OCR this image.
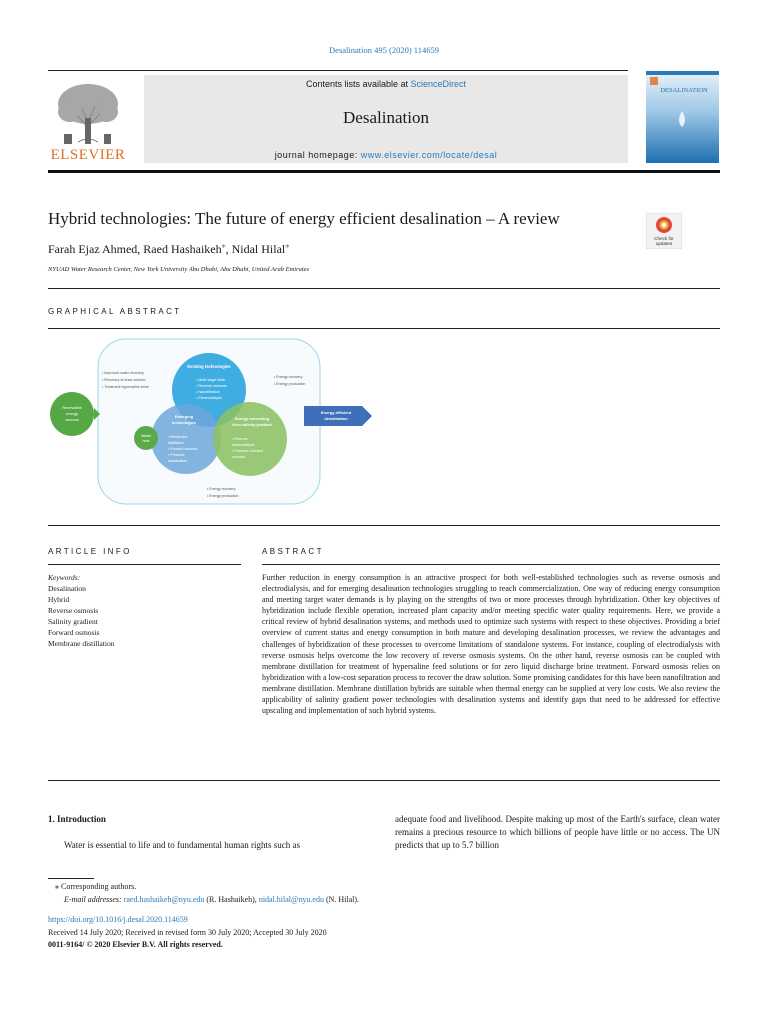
Desalination 495 (2020) 114659
ELSEVIER
Contents lists available at ScienceDirect
Desalination
journal homepage: www.elsevier.com/locate/desal
DESALINATION
Hybrid technologies: The future of energy efficient desalination – A review
Check for
updates
Farah Ejaz Ahmed, Raed Hashaikeh⁎, Nidal Hilal⁎
NYUAD Water Research Center, New York University Abu Dhabi, Abu Dhabi, United Arab Emirates
GRAPHICAL ABSTRACT
• Improved water recovery
• Recovery of draw solution
• Treatment hypersaline brine
• Energy recovery
• Energy production
Existing technologies
• Multi-stage flash
• Reverse osmosis
• Nanofiltration
• Electrodialysis
Emerging
technologies
• Membrane
distillation
• Forward osmosis
• Pressure
desalination
Energy harvesting
from salinity gradient
• Reverse
electrodialysis
• Pressure retarded
osmosis
Renewable
energy
sources
Waste
heat
Energy-efficient
desalination
• Energy recovery
• Energy production
ARTICLE INFO	ABSTRACT
Keywords:
Desalination
Hybrid
Reverse osmosis
Salinity gradient
Forward osmosis
Membrane distillation
Further reduction in energy consumption is an attractive prospect for both well-established technologies such as reverse osmosis and electrodialysis, and for emerging desalination technologies struggling to reach commercialization. One way of reducing energy consumption and meeting target water demands is by playing on the strengths of two or more processes through hybridization. Other key objectives of hybridization include flexible operation, increased plant capacity and/or meeting specific water quality requirements. Here, we provide a critical review of hybrid desalination systems, and methods used to optimize such systems with respect to these objectives. Providing a brief overview of current status and energy consumption in both mature and developing desalination processes, we review the advantages and challenges of hybridization of these processes to overcome limitations of standalone systems. For instance, coupling of electrodialysis with reverse osmosis helps overcome the low recovery of reverse osmosis systems. On the other hand, reverse osmosis can be coupled with membrane distillation for treatment of hypersaline feed solutions or for zero liquid discharge brine treatment. Forward osmosis relies on hybridization with a low-cost separation process to recover the draw solution. Some promising candidates for this have been nanofiltration and membrane distillation. Membrane distillation hybrids are suitable when thermal energy can be supplied at very low costs. We also review the applicability of salinity gradient power technologies with desalination systems and identify gaps that need to be addressed for effective upscaling and implementation of such hybrid systems.
1. Introduction
Water is essential to life and to fundamental human rights such as
adequate food and livelihood. Despite making up most of the Earth's surface, clean water remains a precious resource to which billions of people have little or no access. The UN predicts that up to 5.7 billion
⁎ Corresponding authors.
E-mail addresses: raed.hashaikeh@nyu.edu (R. Hashaikeh), nidal.hilal@nyu.edu (N. Hilal).
https://doi.org/10.1016/j.desal.2020.114659
Received 14 July 2020; Received in revised form 30 July 2020; Accepted 30 July 2020
0011-9164/ © 2020 Elsevier B.V. All rights reserved.
